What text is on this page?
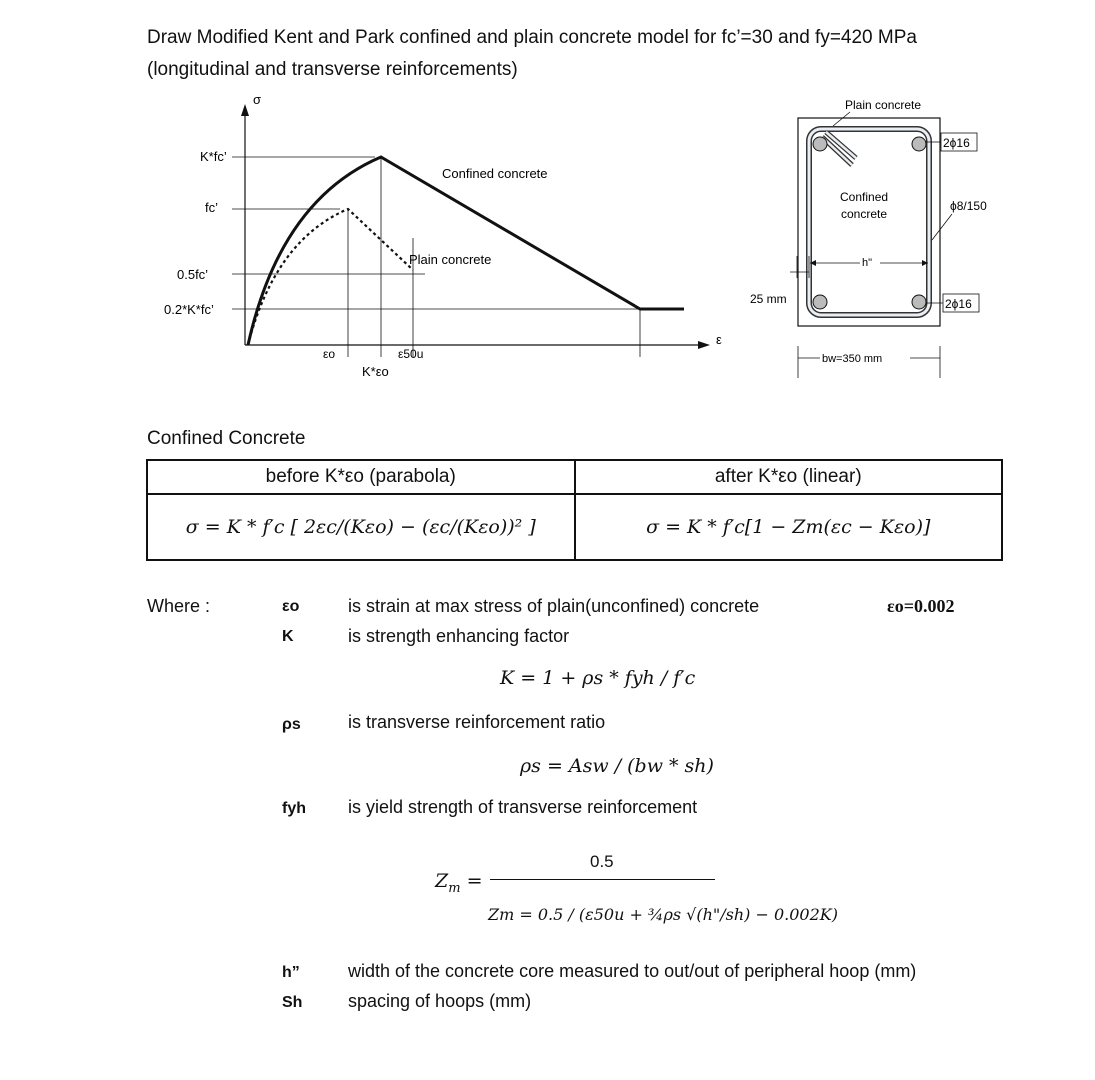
Draw Modified Kent and Park confined and plain concrete model for fc’=30 and fy=420 MPa
(longitudinal and transverse reinforcements)
σ
ε
K*fc’
fc’
0.5fc’
0.2*K*fc’
εo
K*εo
ε50u
Confined concrete
Plain concrete	h"
25 mm
bw=350 mm
Plain concrete
Confined
concrete
2ϕ16
ϕ8/150
2ϕ16
Confined Concrete
before K*εo (parabola)	after K*εo (linear)
σ = K * f′c [ 2εc/(Kεo) − (εc/(Kεo))² ]	σ = K * f′c[1 − Zm(εc − Kεo)]
Where :	εo	is strain at max stress of plain(unconfined) concrete	εo=0.002
K	is strength enhancing factor
K = 1 + ρs * fyh / f′c
ρs	is transverse reinforcement ratio
ρs = Asw / (bw * sh)
fyh is yield strength of transverse reinforcement
0.5
$Z_m$ =
Zm = 0.5 / (ε50u + ¾ρs √(h"/sh) − 0.002K)
h”	width of the concrete core measured to out/out of peripheral hoop (mm)
Sh	spacing of hoops (mm)
